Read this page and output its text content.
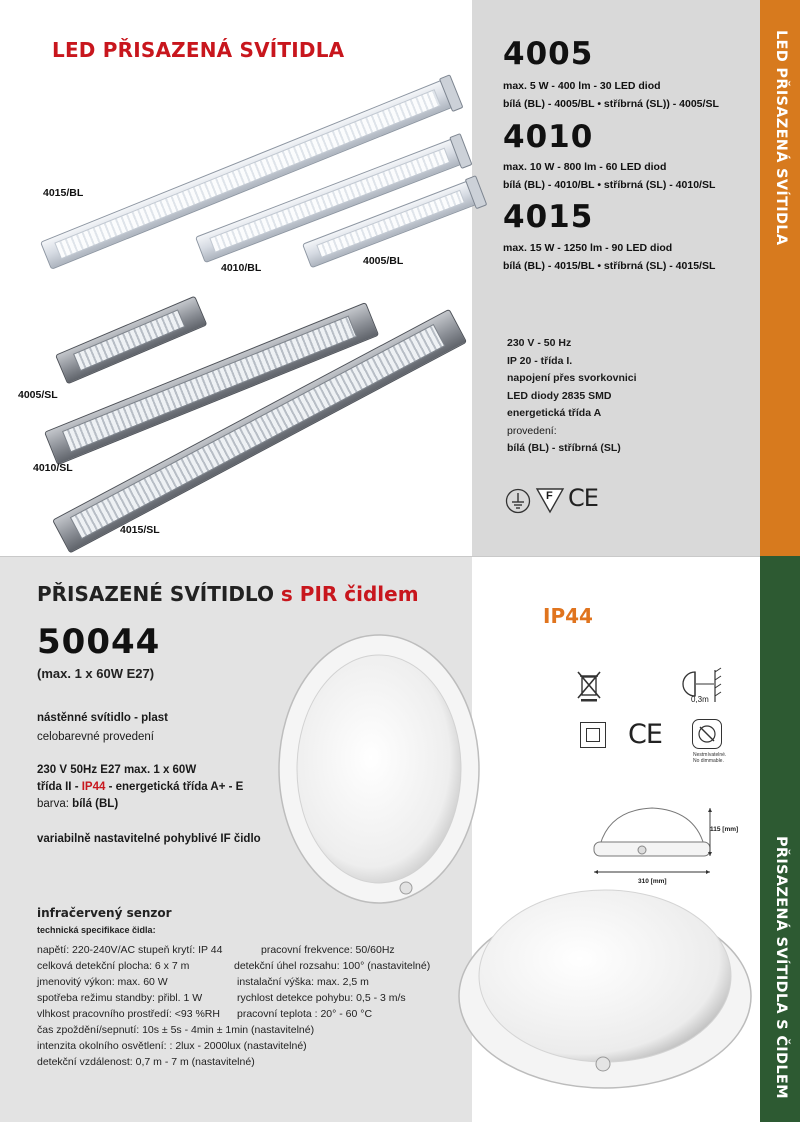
LED PŘISAZENÁ SVÍTIDLA
PŘISAZENÁ SVÍTIDLA S ČIDLEM
LED PŘISAZENÁ SVÍTIDLA
4015/BL
4010/BL
4005/BL
4005/SL
4010/SL
4015/SL
4005
max. 5 W - 400 lm - 30 LED diod
bílá (BL) - 4005/BL • stříbrná (SL)) - 4005/SL
4010
max. 10 W - 800 lm - 60 LED diod
bílá (BL) - 4010/BL • stříbrná (SL) - 4010/SL
4015
max. 15 W - 1250 lm - 90 LED diod
bílá (BL) - 4015/BL • stříbrná (SL) - 4015/SL
230 V - 50 Hz
IP 20 - třída I.
napojení přes svorkovnici
LED diody 2835 SMD
energetická třída A
provedení:
bílá (BL) - stříbrná (SL)
F CE
PŘISAZENÉ SVÍTIDLO s PIR čidlem
IP44
50044
(max. 1 x 60W E27)
nástěnné svítidlo - plast
celobarevné provedení
230 V 50Hz E27 max. 1 x 60W
třída II - IP44 - energetická třída A+ - E
barva: bílá (BL)
variabilně nastavitelné pohyblivé IF čidlo
0,3m
CE
Nestmívatelné.
No dimmable.
115 [mm]
310 [mm]
infračervený senzor
technická specifikace čidla:
napětí: 220-240V/AC stupeň krytí: IP 44	pracovní frekvence: 50/60Hz
celková detekční plocha: 6 x 7 m	detekční úhel rozsahu: 100° (nastavitelné)
jmenovitý výkon: max. 60 W	instalační výška: max. 2,5 m
spotřeba režimu standby: přibl. 1 W	rychlost detekce pohybu: 0,5 - 3 m/s
vlhkost pracovního prostředí: <93 %RH pracovní teplota : 20° - 60 °C
čas zpoždění/sepnutí: 10s ± 5s - 4min ± 1min (nastavitelné)
intenzita okolního osvětlení: : 2lux - 2000lux (nastavitelné)
detekční vzdálenost: 0,7 m - 7 m (nastavitelné)
